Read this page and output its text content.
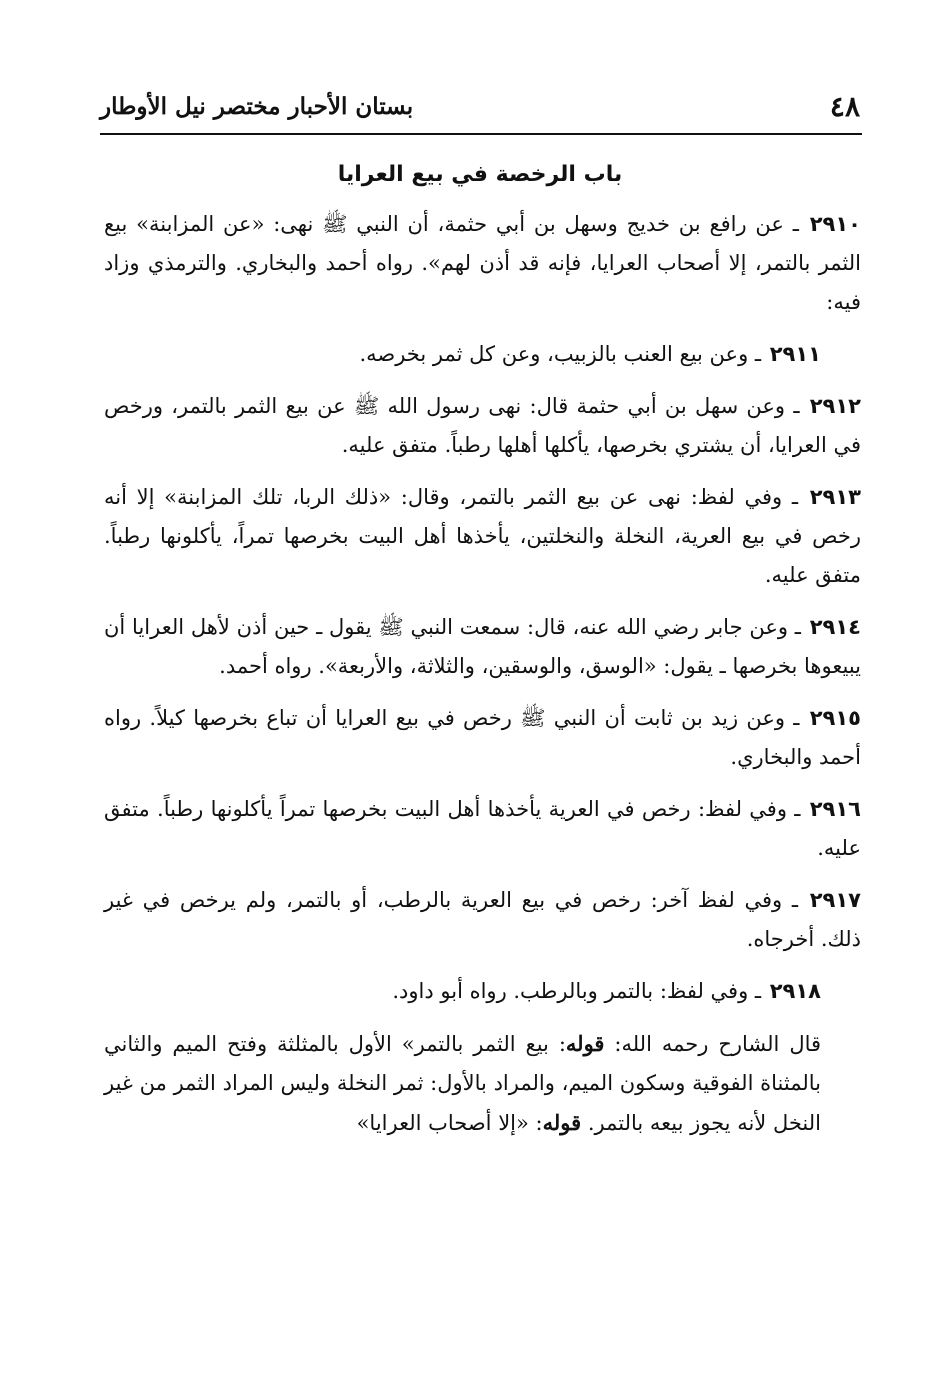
٤٨
بستان الأحبار مختصر نيل الأوطار
باب الرخصة في بيع العرايا

٢٩١٠ ـ عن رافع بن خديج وسهل بن أبي حثمة، أن النبي ﷺ نهى: «عن المزابنة» بيع الثمر بالتمر، إلا أصحاب العرايا، فإنه قد أذن لهم». رواه أحمد والبخاري. والترمذي وزاد فيه:

٢٩١١ ـ وعن بيع العنب بالزبيب، وعن كل ثمر بخرصه.

٢٩١٢ ـ وعن سهل بن أبي حثمة قال: نهى رسول الله ﷺ عن بيع الثمر بالتمر، ورخص في العرايا، أن يشتري بخرصها، يأكلها أهلها رطباً. متفق عليه.

٢٩١٣ ـ وفي لفظ: نهى عن بيع الثمر بالتمر، وقال: «ذلك الربا، تلك المزابنة» إلا أنه رخص في بيع العرية، النخلة والنخلتين، يأخذها أهل البيت بخرصها تمراً، يأكلونها رطباً. متفق عليه.

٢٩١٤ ـ وعن جابر رضي الله عنه، قال: سمعت النبي ﷺ يقول ـ حين أذن لأهل العرايا أن يبيعوها بخرصها ـ يقول: «الوسق، والوسقين، والثلاثة، والأربعة». رواه أحمد.

٢٩١٥ ـ وعن زيد بن ثابت أن النبي ﷺ رخص في بيع العرايا أن تباع بخرصها كيلاً. رواه أحمد والبخاري.

٢٩١٦ ـ وفي لفظ: رخص في العرية يأخذها أهل البيت بخرصها تمراً يأكلونها رطباً. متفق عليه.

٢٩١٧ ـ وفي لفظ آخر: رخص في بيع العرية بالرطب، أو بالتمر، ولم يرخص في غير ذلك. أخرجاه.

٢٩١٨ ـ وفي لفظ: بالتمر وبالرطب. رواه أبو داود.

قال الشارح رحمه الله: قوله: بيع الثمر بالتمر» الأول بالمثلثة وفتح الميم والثاني بالمثناة الفوقية وسكون الميم، والمراد بالأول: ثمر النخلة وليس المراد الثمر من غير النخل لأنه يجوز بيعه بالتمر. قوله: «إلا أصحاب العرايا»
